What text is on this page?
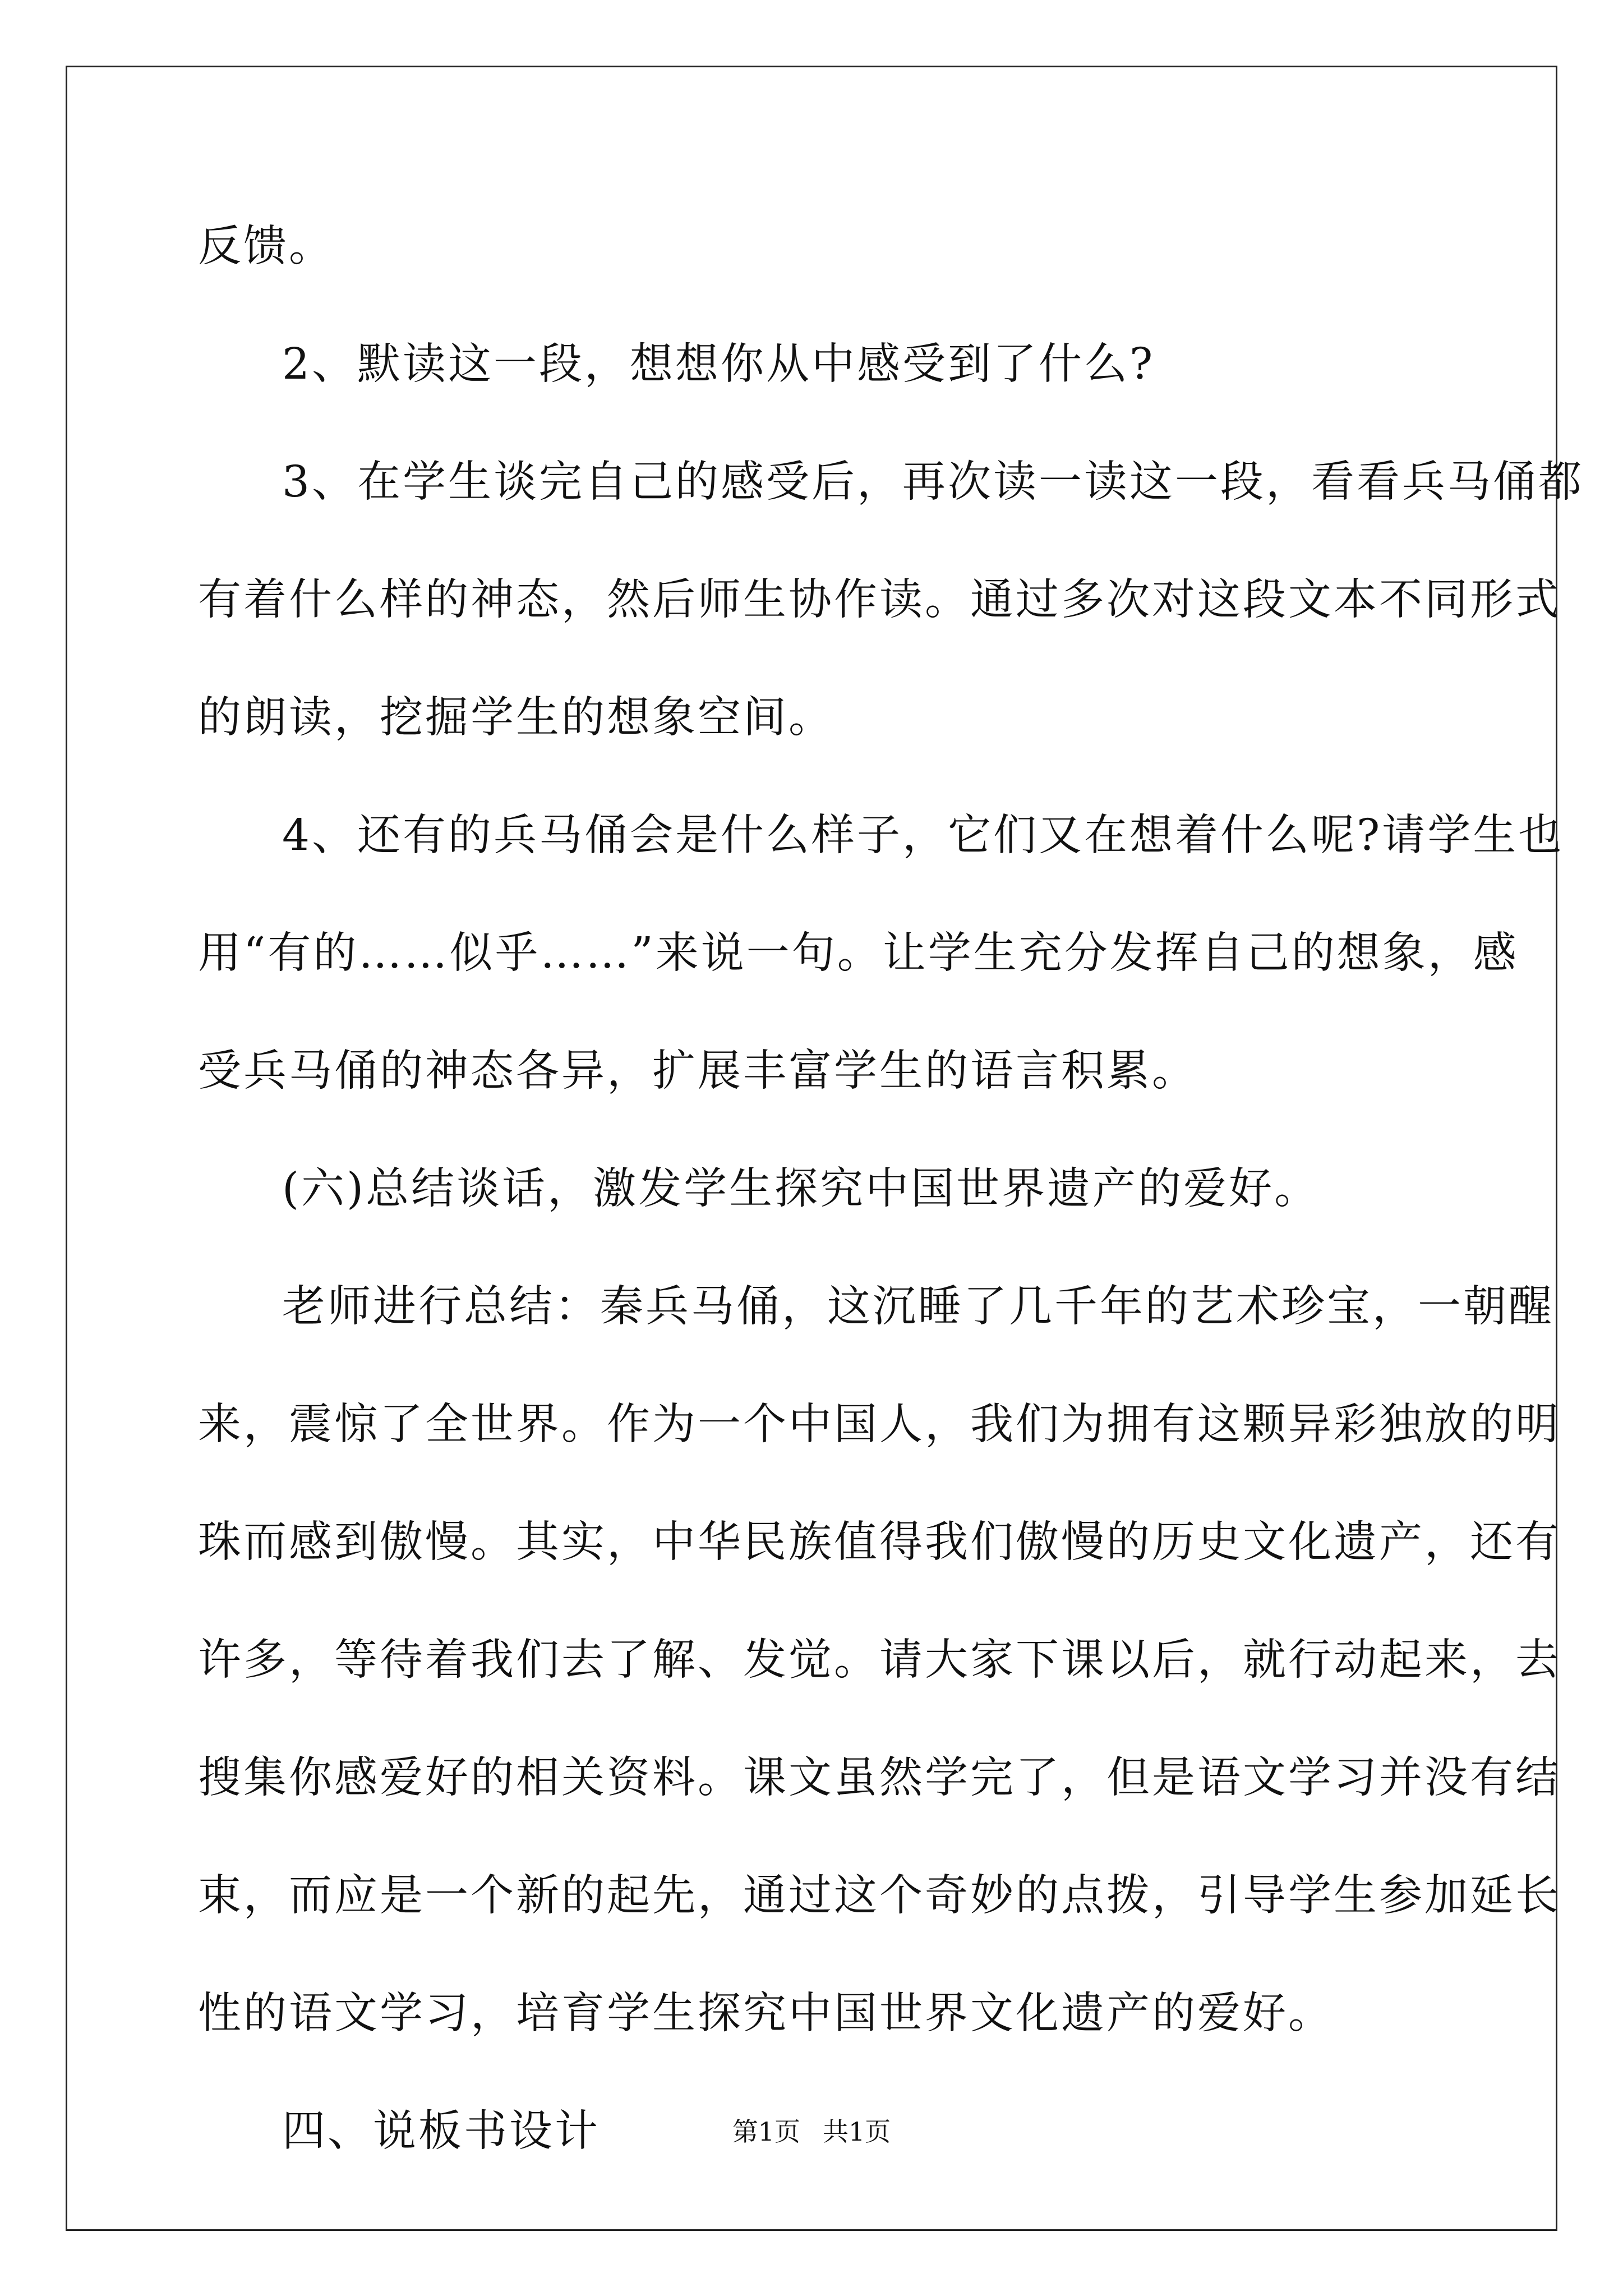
反馈。
2、默读这一段，想想你从中感受到了什么?
3、在学生谈完自己的感受后，再次读一读这一段，看看兵马俑都
有着什么样的神态，然后师生协作读。通过多次对这段文本不同形式
的朗读，挖掘学生的想象空间。
4、还有的兵马俑会是什么样子，它们又在想着什么呢?请学生也
用“有的……似乎……”来说一句。让学生充分发挥自己的想象，感
受兵马俑的神态各异，扩展丰富学生的语言积累。
(六)总结谈话，激发学生探究中国世界遗产的爱好。
老师进行总结：秦兵马俑，这沉睡了几千年的艺术珍宝，一朝醒
来，震惊了全世界。作为一个中国人，我们为拥有这颗异彩独放的明
珠而感到傲慢。其实，中华民族值得我们傲慢的历史文化遗产，还有
许多，等待着我们去了解、发觉。请大家下课以后，就行动起来，去
搜集你感爱好的相关资料。课文虽然学完了，但是语文学习并没有结
束，而应是一个新的起先，通过这个奇妙的点拨，引导学生参加延长
性的语文学习，培育学生探究中国世界文化遗产的爱好。
四、说板书设计	第1页 共1页
